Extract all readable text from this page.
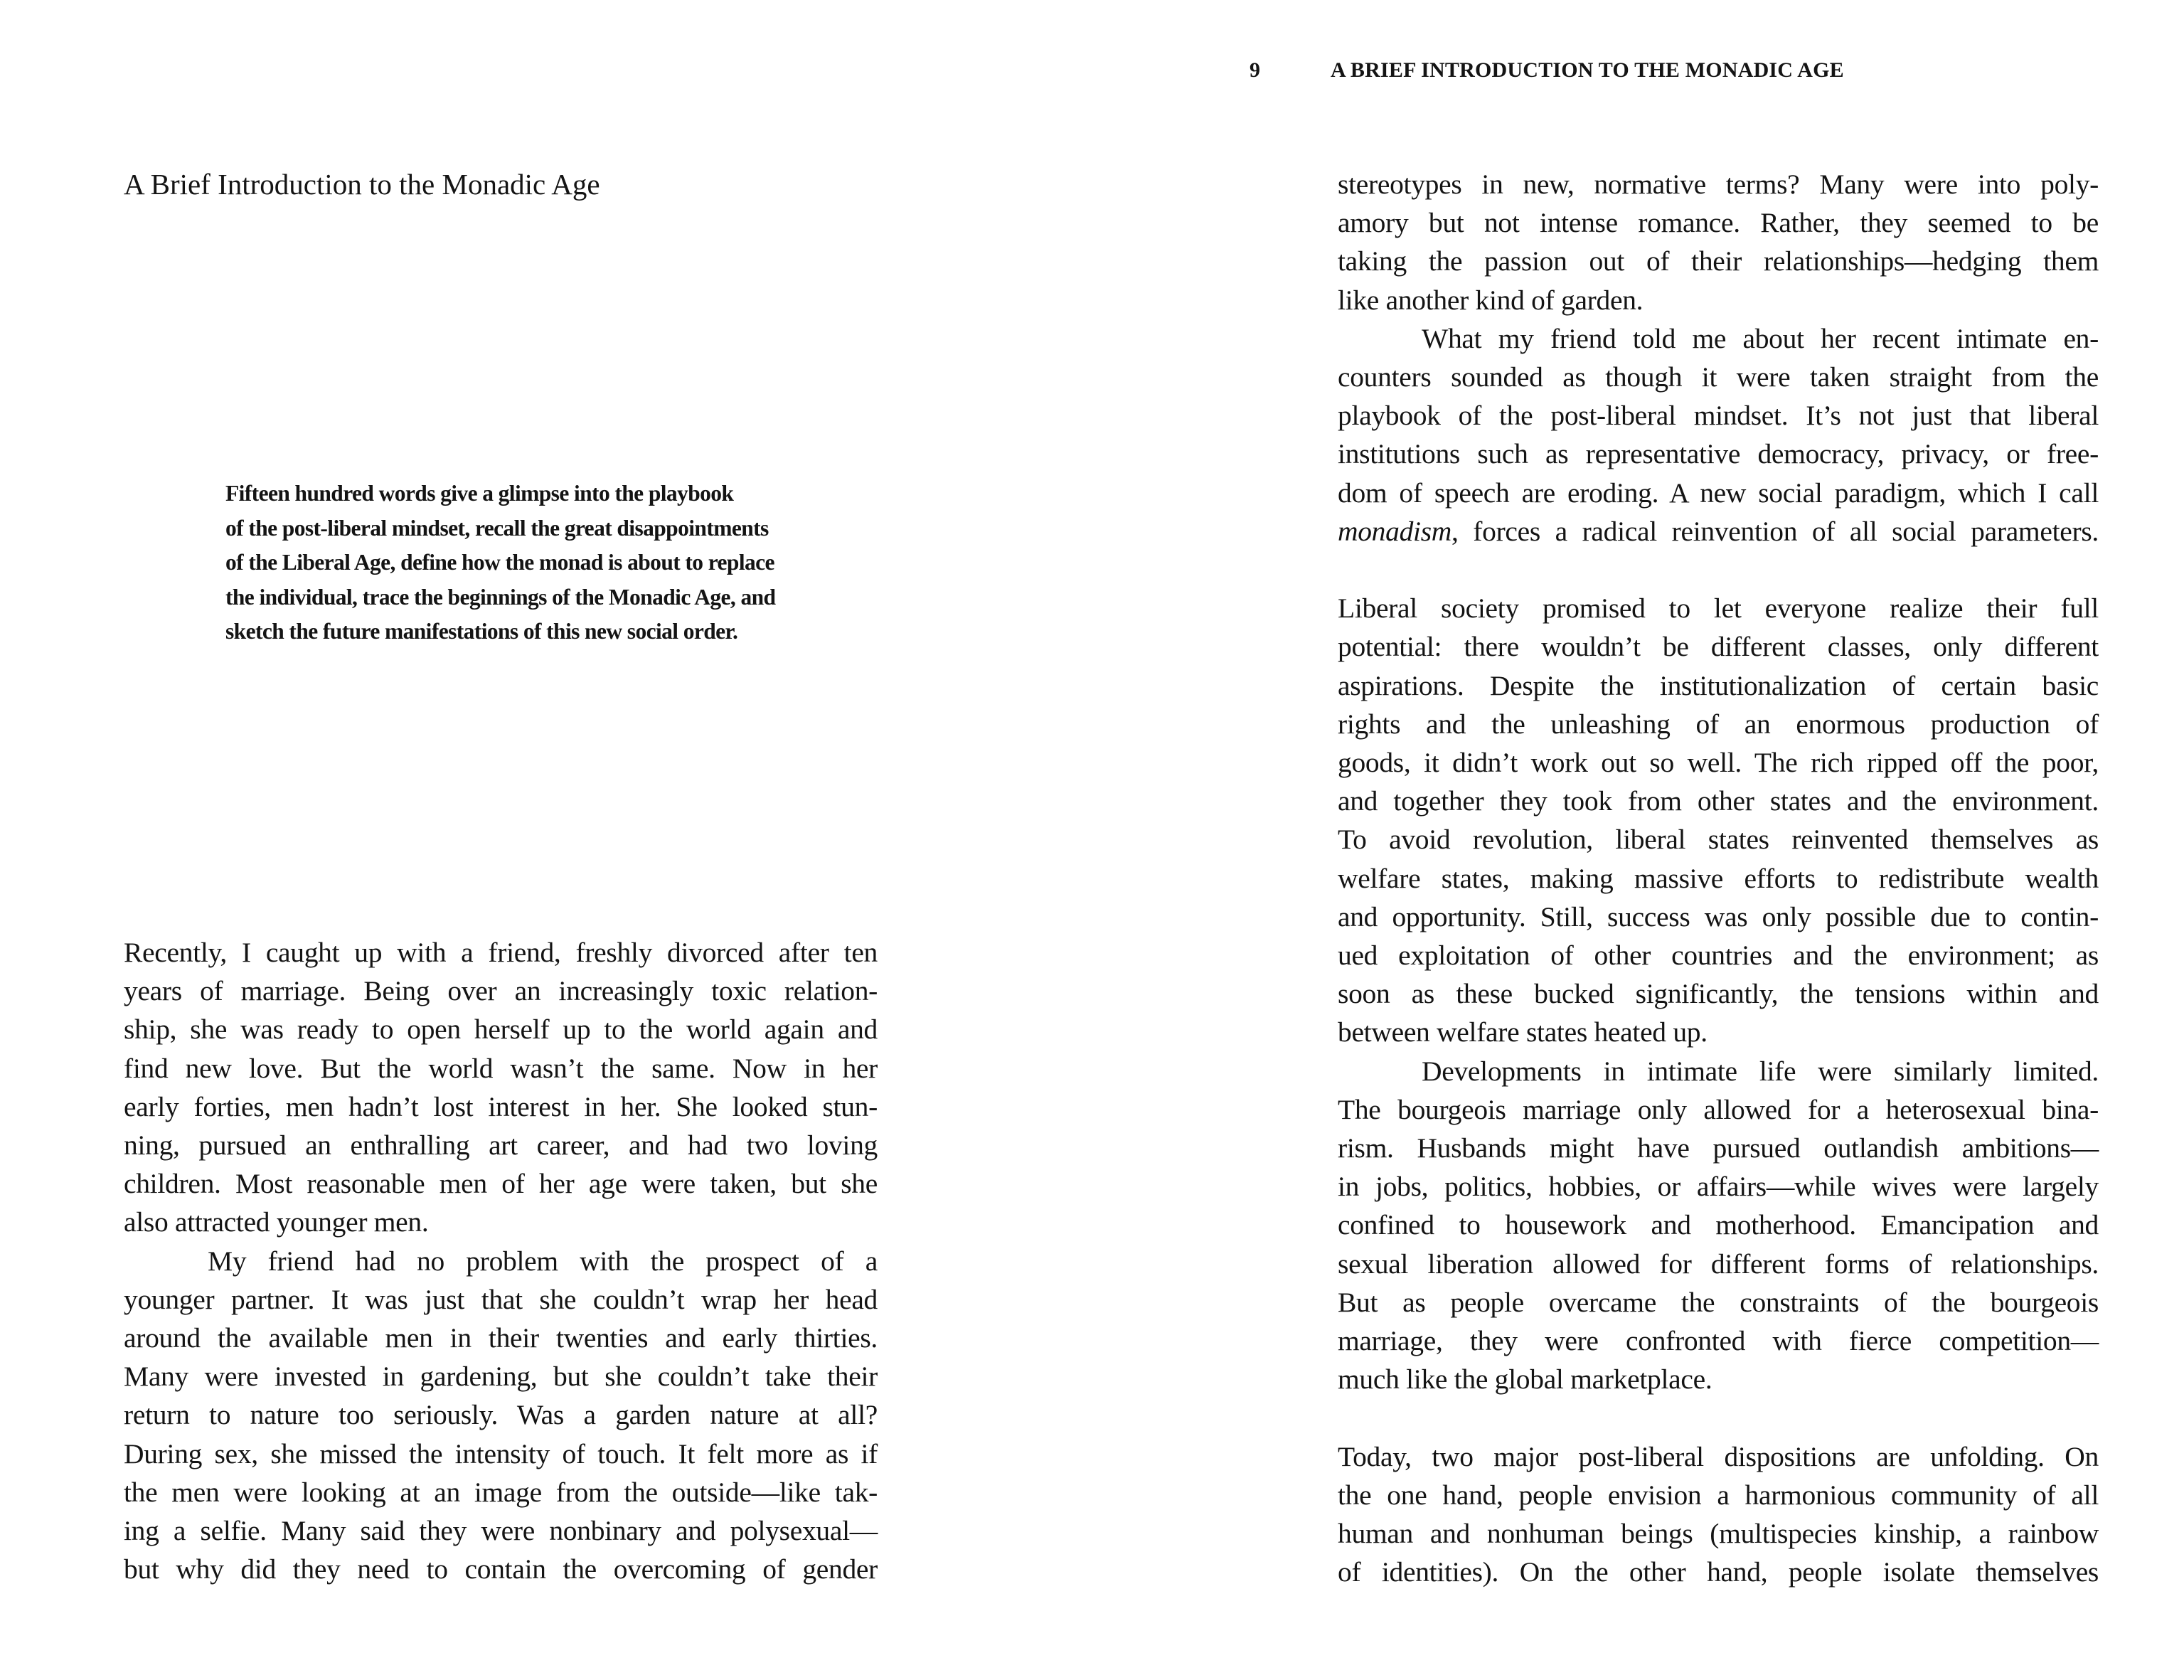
A Brief Introduction to the Monadic Age
Fifteen hundred words give a glimpse into the playbook
of the post-liberal mindset, recall the great disappointments
of the Liberal Age, define how the monad is about to replace
the individual, trace the beginnings of the Monadic Age, and
sketch the future manifestations of this new social order.
Recently, I caught up with a friend, freshly divorced after ten
years of marriage. Being over an increasingly toxic relation-
ship, she was ready to open herself up to the world again and
find new love. But the world wasn’t the same. Now in her
early forties, men hadn’t lost interest in her. She looked stun-
ning, pursued an enthralling art career, and had two loving
children. Most reasonable men of her age were taken, but she
also attracted younger men.
My friend had no problem with the prospect of a
younger partner. It was just that she couldn’t wrap her head
around the available men in their twenties and early thirties.
Many were invested in gardening, but she couldn’t take their
return to nature too seriously. Was a garden nature at all?
During sex, she missed the intensity of touch. It felt more as if
the men were looking at an image from the outside—like tak-
ing a selfie. Many said they were nonbinary and polysexual—
but why did they need to contain the overcoming of gender
9	A BRIEF INTRODUCTION TO THE MONADIC AGE
stereotypes in new, normative terms? Many were into poly-
amory but not intense romance. Rather, they seemed to be
taking the passion out of their relationships—hedging them
like another kind of garden.
What my friend told me about her recent intimate en-
counters sounded as though it were taken straight from the
playbook of the post-liberal mindset. It’s not just that liberal
institutions such as representative democracy, privacy, or free-
dom of speech are eroding. A new social paradigm, which I call
monadism, forces a radical reinvention of all social parameters.
Liberal society promised to let everyone realize their full
potential: there wouldn’t be different classes, only different
aspirations. Despite the institutionalization of certain basic
rights and the unleashing of an enormous production of
goods, it didn’t work out so well. The rich ripped off the poor,
and together they took from other states and the environment.
To avoid revolution, liberal states reinvented themselves as
welfare states, making massive efforts to redistribute wealth
and opportunity. Still, success was only possible due to contin-
ued exploitation of other countries and the environment; as
soon as these bucked significantly, the tensions within and
between welfare states heated up.
Developments in intimate life were similarly limited.
The bourgeois marriage only allowed for a heterosexual bina-
rism. Husbands might have pursued outlandish ambitions—
in jobs, politics, hobbies, or affairs—while wives were largely
confined to housework and motherhood. Emancipation and
sexual liberation allowed for different forms of relationships.
But as people overcame the constraints of the bourgeois
marriage, they were confronted with fierce competition—
much like the global marketplace.
Today, two major post-liberal dispositions are unfolding. On
the one hand, people envision a harmonious community of all
human and nonhuman beings (multispecies kinship, a rainbow
of identities). On the other hand, people isolate themselves
